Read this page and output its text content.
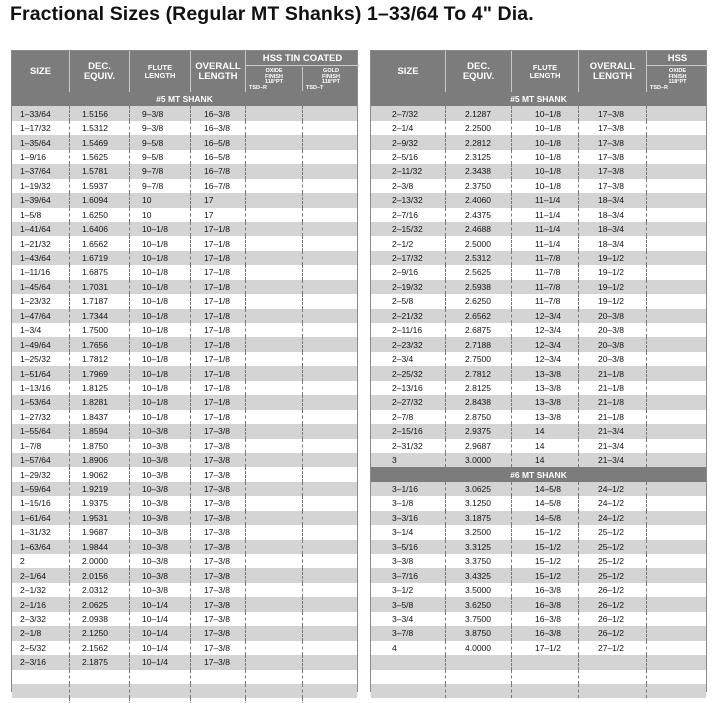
Fractional Sizes (Regular MT Shanks) 1–33/64 To 4" Dia.
SIZE	DEC.
EQUIV.
FLUTE
LENGTH
OVERALL
LENGTH
HSS TIN COATED
OXIDE
FINISH
118°PT
GOLD
FINISH
118°PT
TSD–R	TSD–T
#5 MT SHANK
1–33/64	1.5156	9–3/8	16–3/8
1–17/32	1.5312	9–3/8	16–3/8
1–35/64	1.5469	9–5/8	16–5/8
1–9/16	1.5625	9–5/8	16–5/8
1–37/64	1.5781	9–7/8	16–7/8
1–19/32	1.5937	9–7/8	16–7/8
1–39/64	1.6094	10	17
1–5/8	1.6250	10	17
1–41/64	1.6406	10–1/8	17–1/8
1–21/32	1.6562	10–1/8	17–1/8
1–43/64	1.6719	10–1/8	17–1/8
1–11/16	1.6875	10–1/8	17–1/8
1–45/64	1.7031	10–1/8	17–1/8
1–23/32	1.7187	10–1/8	17–1/8
1–47/64	1.7344	10–1/8	17–1/8
1–3/4	1.7500	10–1/8	17–1/8
1–49/64	1.7656	10–1/8	17–1/8
1–25/32	1.7812	10–1/8	17–1/8
1–51/64	1.7969	10–1/8	17–1/8
1–13/16	1.8125	10–1/8	17–1/8
1–53/64	1.8281	10–1/8	17–1/8
1–27/32	1.8437	10–1/8	17–1/8
1–55/64	1.8594	10–3/8	17–3/8
1–7/8	1.8750	10–3/8	17–3/8
1–57/64	1.8906	10–3/8	17–3/8
1–29/32	1.9062	10–3/8	17–3/8
1–59/64	1.9219	10–3/8	17–3/8
1–15/16	1.9375	10–3/8	17–3/8
1–61/64	1.9531	10–3/8	17–3/8
1–31/32	1.9687	10–3/8	17–3/8
1–63/64	1.9844	10–3/8	17–3/8
2	2.0000	10–3/8	17–3/8
2–1/64	2.0156	10–3/8	17–3/8
2–1/32	2.0312	10–3/8	17–3/8
2–1/16	2.0625	10–1/4	17–3/8
2–3/32	2.0938	10–1/4	17–3/8
2–1/8	2.1250	10–1/4	17–3/8
2–5/32	2.1562	10–1/4	17–3/8
2–3/16	2.1875	10–1/4	17–3/8
SIZE	DEC.
EQUIV.
FLUTE
LENGTH
OVERALL
LENGTH
HSS
OXIDE
FINISH
118°PT
TSD–R
#5 MT SHANK
2–7/32	2.1287	10–1/8	17–3/8
2–1/4	2.2500	10–1/8	17–3/8
2–9/32	2.2812	10–1/8	17–3/8
2–5/16	2.3125	10–1/8	17–3/8
2–11/32	2.3438	10–1/8	17–3/8
2–3/8	2.3750	10–1/8	17–3/8
2–13/32	2.4060	11–1/4	18–3/4
2–7/16	2.4375	11–1/4	18–3/4
2–15/32	2.4688	11–1/4	18–3/4
2–1/2	2.5000	11–1/4	18–3/4
2–17/32	2.5312	11–7/8	19–1/2
2–9/16	2.5625	11–7/8	19–1/2
2–19/32	2.5938	11–7/8	19–1/2
2–5/8	2.6250	11–7/8	19–1/2
2–21/32	2.6562	12–3/4	20–3/8
2–11/16	2.6875	12–3/4	20–3/8
2–23/32	2.7188	12–3/4	20–3/8
2–3/4	2.7500	12–3/4	20–3/8
2–25/32	2.7812	13–3/8	21–1/8
2–13/16	2.8125	13–3/8	21–1/8
2–27/32	2.8438	13–3/8	21–1/8
2–7/8	2.8750	13–3/8	21–1/8
2–15/16	2.9375	14	21–3/4
2–31/32	2.9687	14	21–3/4
3	3.0000	14	21–3/4
#6 MT SHANK
3–1/16	3.0625	14–5/8	24–1/2
3–1/8	3.1250	14–5/8	24–1/2
3–3/16	3.1875	14–5/8	24–1/2
3–1/4	3.2500	15–1/2	25–1/2
3–5/16	3.3125	15–1/2	25–1/2
3–3/8	3.3750	15–1/2	25–1/2
3–7/16	3.4325	15–1/2	25–1/2
3–1/2	3.5000	16–3/8	26–1/2
3–5/8	3.6250	16–3/8	26–1/2
3–3/4	3.7500	16–3/8	26–1/2
3–7/8	3.8750	16–3/8	26–1/2
4	4.0000	17–1/2	27–1/2
